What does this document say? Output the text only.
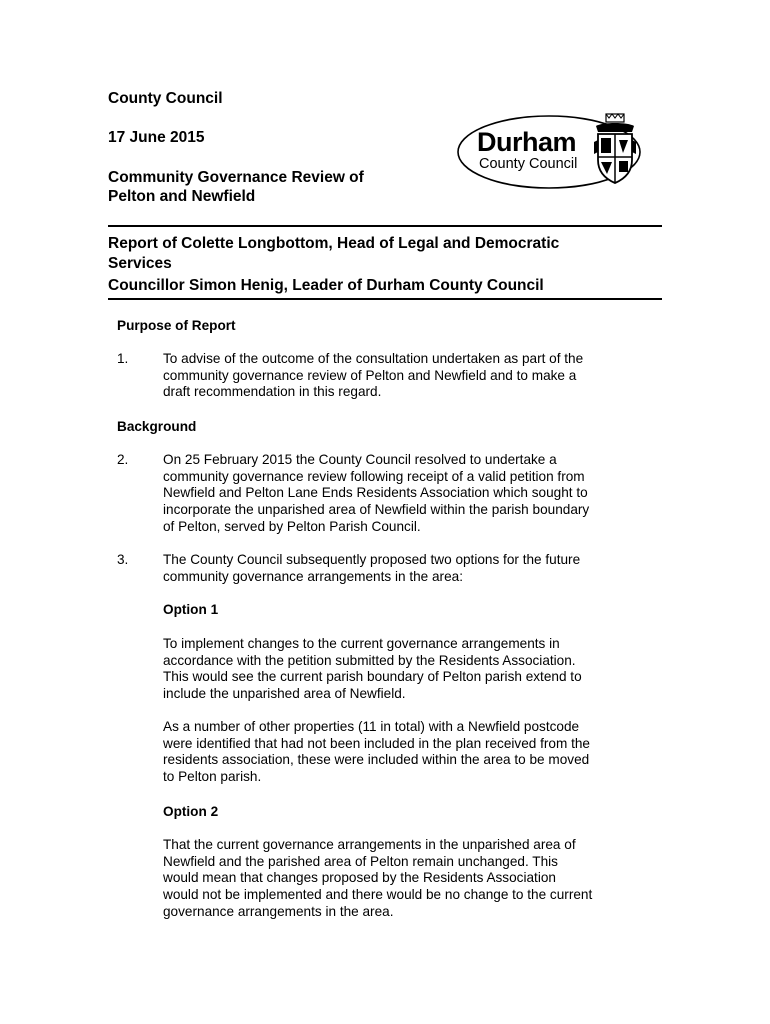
County Council
17 June 2015
Community Governance Review of
Pelton and Newfield
Durham
County Council
Report of Colette Longbottom, Head of Legal and Democratic
Services
Councillor Simon Henig, Leader of Durham County Council
Purpose of Report
1.	To advise of the outcome of the consultation undertaken as part of the
community governance review of Pelton and Newfield and to make a
draft recommendation in this regard.
Background
2.	On 25 February 2015 the County Council resolved to undertake a
community governance review following receipt of a valid petition from
Newfield and Pelton Lane Ends Residents Association which sought to
incorporate the unparished area of Newfield within the parish boundary
of Pelton, served by Pelton Parish Council.
3.	The County Council subsequently proposed two options for the future
community governance arrangements in the area:
Option 1
To implement changes to the current governance arrangements in
accordance with the petition submitted by the Residents Association.
This would see the current parish boundary of Pelton parish extend to
include the unparished area of Newfield.
As a number of other properties (11 in total) with a Newfield postcode
were identified that had not been included in the plan received from the
residents association, these were included within the area to be moved
to Pelton parish.
Option 2
That the current governance arrangements in the unparished area of
Newfield and the parished area of Pelton remain unchanged. This
would mean that changes proposed by the Residents Association
would not be implemented and there would be no change to the current
governance arrangements in the area.
